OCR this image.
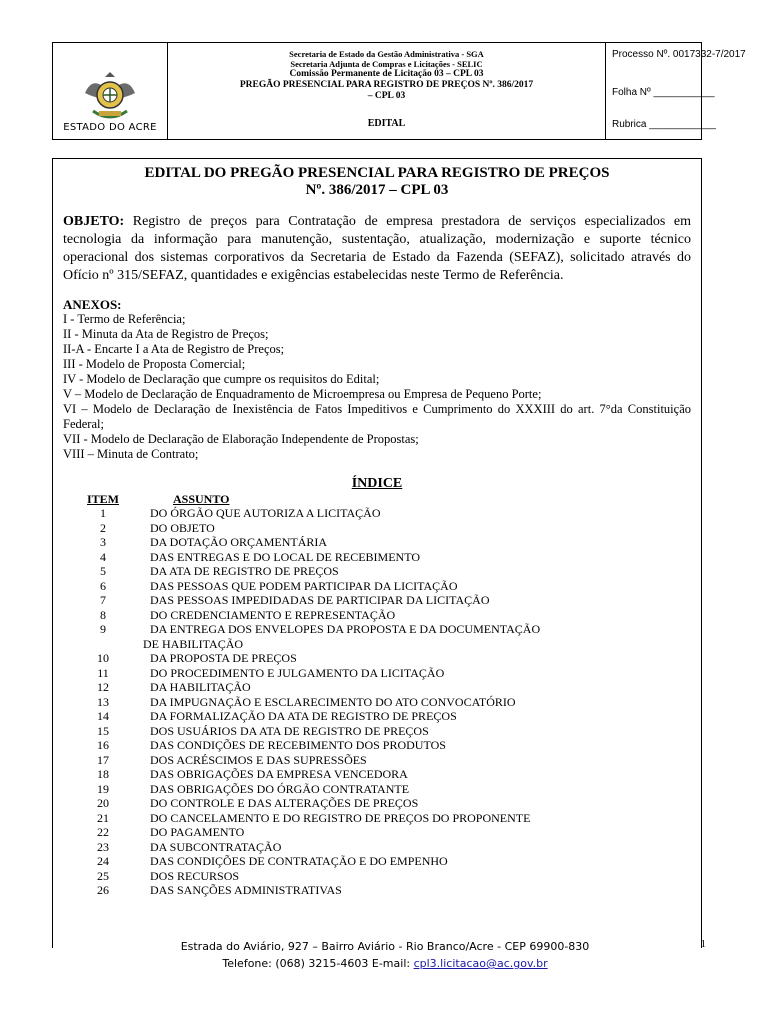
ESTADO DO ACRE
Secretaria de Estado da Gestão Administrativa - SGA
Secretaria Adjunta de Compras e Licitações - SELIC
Comissão Permanente de Licitação 03 – CPL 03
PREGÃO PRESENCIAL PARA REGISTRO DE PREÇOS Nº. 386/2017
– CPL 03
EDITAL
Processo Nº. 0017332-7/2017
Folha Nº ___________
Rubrica ____________
EDITAL DO PREGÃO PRESENCIAL PARA REGISTRO DE PREÇOS
Nº. 386/2017 – CPL 03
OBJETO: Registro de preços para Contratação de empresa prestadora de serviços especializados em tecnologia da informação para manutenção, sustentação, atualização, modernização e suporte técnico operacional dos sistemas corporativos da Secretaria de Estado da Fazenda (SEFAZ), solicitado através do Ofício nº 315/SEFAZ, quantidades e exigências estabelecidas neste Termo de Referência.
ANEXOS:
I - Termo de Referência;
II - Minuta da Ata de Registro de Preços;
II-A - Encarte I a Ata de Registro de Preços;
III - Modelo de Proposta Comercial;
IV - Modelo de Declaração que cumpre os requisitos do Edital;
V – Modelo de Declaração de Enquadramento de Microempresa ou Empresa de Pequeno Porte;
VI – Modelo de Declaração de Inexistência de Fatos Impeditivos e Cumprimento do XXXIII do art. 7°da Constituição Federal;
VII - Modelo de Declaração de Elaboração Independente de Propostas;
VIII – Minuta de Contrato;
ÍNDICE
ITEM	ASSUNTO
1	DO ÓRGÃO QUE AUTORIZA A LICITAÇÃO
2	DO OBJETO
3	DA DOTAÇÃO ORÇAMENTÁRIA
4	DAS ENTREGAS E DO LOCAL DE RECEBIMENTO
5	DA ATA DE REGISTRO DE PREÇOS
6	DAS PESSOAS QUE PODEM PARTICIPAR DA LICITAÇÃO
7	DAS PESSOAS IMPEDIDADAS DE PARTICIPAR DA LICITAÇÃO
8	DO CREDENCIAMENTO E REPRESENTAÇÃO
9	DA ENTREGA DOS ENVELOPES DA PROPOSTA E DA DOCUMENTAÇÃO
DE HABILITAÇÃO
10	DA PROPOSTA DE PREÇOS
11	DO PROCEDIMENTO E JULGAMENTO DA LICITAÇÃO
12	DA HABILITAÇÃO
13	DA IMPUGNAÇÃO E ESCLARECIMENTO DO ATO CONVOCATÓRIO
14	DA FORMALIZAÇÃO DA ATA DE REGISTRO DE PREÇOS
15	DOS USUÁRIOS DA ATA DE REGISTRO DE PREÇOS
16	DAS CONDIÇÕES DE RECEBIMENTO DOS PRODUTOS
17	DOS ACRÉSCIMOS E DAS SUPRESSÕES
18	DAS OBRIGAÇÕES DA EMPRESA VENCEDORA
19	DAS OBRIGAÇÕES DO ÓRGÃO CONTRATANTE
20	DO CONTROLE E DAS ALTERAÇÕES DE PREÇOS
21	DO CANCELAMENTO E DO REGISTRO DE PREÇOS DO PROPONENTE
22	DO PAGAMENTO
23	DA SUBCONTRATAÇÃO
24	DAS CONDIÇÕES DE CONTRATAÇÃO E DO EMPENHO
25	DOS RECURSOS
26	DAS SANÇÕES ADMINISTRATIVAS
Estrada do Aviário, 927 – Bairro Aviário - Rio Branco/Acre - CEP 69900-830
Telefone: (068) 3215-4603 E-mail: cpl3.licitacao@ac.gov.br
1
